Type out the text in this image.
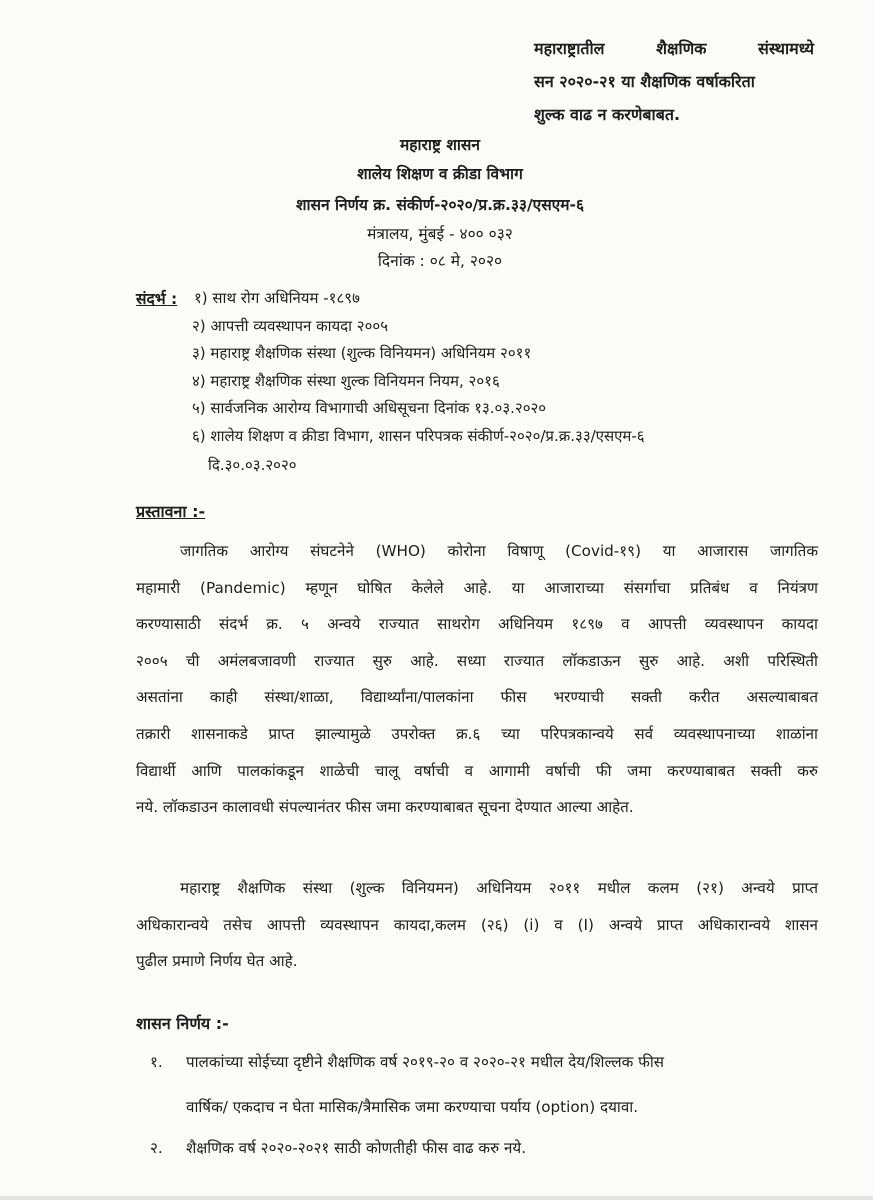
महाराष्ट्रातील	शैक्षणिक	संस्थामध्ये
सन २०२०-२१ या शैक्षणिक वर्षाकरिता
शुल्क वाढ न करणेबाबत.
महाराष्ट्र शासन
शालेय शिक्षण व क्रीडा विभाग
शासन निर्णय क्र. संकीर्ण-२०२०/प्र.क्र.३३/एसएम-६
मंत्रालय, मुंबई - ४०० ०३२
दिनांक : ०८ मे, २०२०
संदर्भ : १) साथ रोग अधिनियम -१८९७
२) आपत्ती व्यवस्थापन कायदा २००५
३) महाराष्ट्र शैक्षणिक संस्था (शुल्क विनियमन) अधिनियम २०११
४) महाराष्ट्र शैक्षणिक संस्था शुल्क विनियमन नियम, २०१६
५) सार्वजनिक आरोग्य विभागाची अधिसूचना दिनांक १३.०३.२०२०
६) शालेय शिक्षण व क्रीडा विभाग, शासन परिपत्रक संकीर्ण-२०२०/प्र.क्र.३३/एसएम-६
दि.३०.०३.२०२०
प्रस्तावना :-
जागतिक आरोग्य संघटनेने (WHO) कोरोना विषाणू (Covid-१९) या आजारास जागतिक
महामारी (Pandemic) म्हणून घोषित केलेले आहे. या आजाराच्या संसर्गाचा प्रतिबंध व नियंत्रण
करण्यासाठी संदर्भ क्र. ५ अन्वये राज्यात साथरोग अधिनियम १८९७ व आपत्ती व्यवस्थापन कायदा
२००५ ची अमंलबजावणी राज्यात सुरु आहे. सध्या राज्यात लॉकडाऊन सुरु आहे. अशी परिस्थिती
असतांना काही संस्था/शाळा, विद्यार्थ्यांना/पालकांना फीस भरण्याची सक्ती करीत असल्याबाबत
तक्रारी शासनाकडे प्राप्त झाल्यामुळे उपरोक्त क्र.६ च्या परिपत्रकान्वये सर्व व्यवस्थापनाच्या शाळांना
विद्यार्थी आणि पालकांकडून शाळेची चालू वर्षाची व आगामी वर्षाची फी जमा करण्याबाबत सक्ती करु
नये. लॉकडाउन कालावधी संपल्यानंतर फीस जमा करण्याबाबत सूचना देण्यात आल्या आहेत.
महाराष्ट्र शैक्षणिक संस्था (शुल्क विनियमन) अधिनियम २०११ मधील कलम (२१) अन्वये प्राप्त
अधिकारान्वये तसेच आपत्ती व्यवस्थापन कायदा,कलम (२६) (i) व (I) अन्वये प्राप्त अधिकारान्वये शासन
पुढील प्रमाणे निर्णय घेत आहे.
शासन निर्णय :-
१. पालकांच्या सोईच्या दृष्टीने शैक्षणिक वर्ष २०१९-२० व २०२०-२१ मधील देय/शिल्लक फीस
वार्षिक/ एकदाच न घेता मासिक/त्रैमासिक जमा करण्याचा पर्याय (option) दयावा.
२. शैक्षणिक वर्ष २०२०-२०२१ साठी कोणतीही फीस वाढ करु नये.
